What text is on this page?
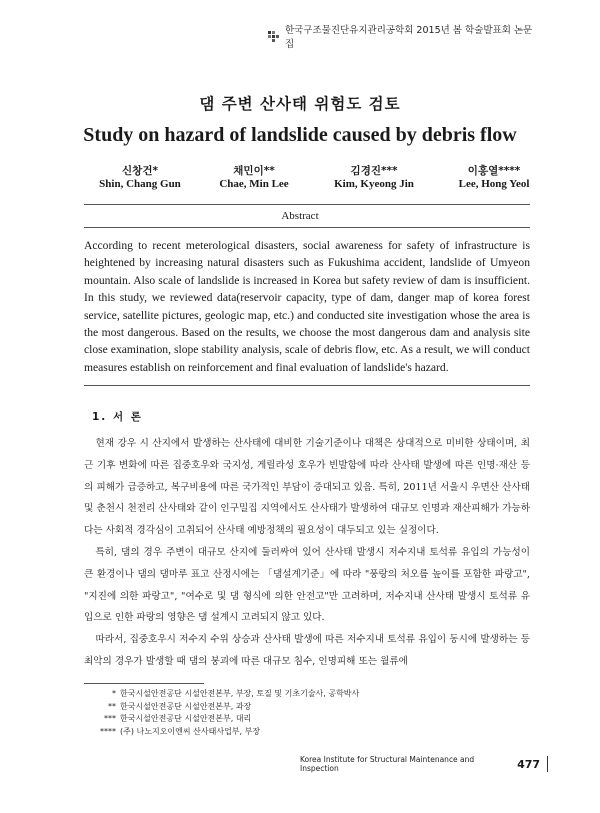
한국구조물진단유지관리공학회 2015년 봄 학술발표회 논문집
댐 주변 산사태 위험도 검토
Study on hazard of landslide caused by debris flow
신창건*
Shin, Chang Gun
채민이**
Chae, Min Lee
김경진***
Kim, Kyeong Jin
이홍열****
Lee, Hong Yeol
Abstract

According to recent meterological disasters, social awareness for safety of infrastructure is heightened by increasing natural disasters such as Fukushima accident, landslide of Umyeon mountain. Also scale of landslide is increased in Korea but safety review of dam is insufficient. In this study, we reviewed data(reservoir capacity, type of dam, danger map of korea forest service, satellite pictures, geologic map, etc.) and conducted site investigation whose the area is the most dangerous. Based on the results, we choose the most dangerous dam and analysis site close examination, slope stability analysis, scale of debris flow, etc. As a result, we will conduct measures establish on reinforcement and final evaluation of landslide's hazard.

1. 서 론

현재 강우 시 산지에서 발생하는 산사태에 대비한 기술기준이나 대책은 상대적으로 미비한 상태이며, 최근 기후 변화에 따른 집중호우와 국지성, 게릴라성 호우가 빈발함에 따라 산사태 발생에 따른 인명·재산 등의 피해가 급증하고, 복구비용에 따른 국가적인 부담이 증대되고 있음. 특히, 2011년 서울시 우면산 산사태 및 춘천시 천전리 산사태와 같이 인구밀집 지역에서도 산사태가 발생하여 대규모 인명과 재산피해가 가능하다는 사회적 경각심이 고취되어 산사태 예방정책의 필요성이 대두되고 있는 실정이다.

특히, 댐의 경우 주변이 대규모 산지에 둘러싸여 있어 산사태 발생시 저수지내 토석류 유입의 가능성이 큰 환경이나 댐의 댐마루 표고 산정시에는 「댐설계기준」에 따라 "풍랑의 처오름 높이를 포함한 파랑고", "지진에 의한 파랑고", "여수로 및 댐 형식에 의한 안전고"만 고려하며, 저수지내 산사태 발생시 토석류 유입으로 인한 파랑의 영향은 댐 설계시 고려되지 않고 있다.

따라서, 집중호우시 저수지 수위 상승과 산사태 발생에 따른 저수지내 토석류 유입이 동시에 발생하는 등 최악의 경우가 발생할 때 댐의 붕괴에 따른 대규모 침수, 인명피해 또는 월류에

* 한국시설안전공단 시설안전본부, 부장, 토질 및 기초기술사, 공학박사
** 한국시설안전공단 시설안전본부, 과장
*** 한국시설안전공단 시설안전본부, 대리
**** (주) 나노지오이엔씨 산사태사업부, 부장
Korea Institute for Structural Maintenance and Inspection	477
